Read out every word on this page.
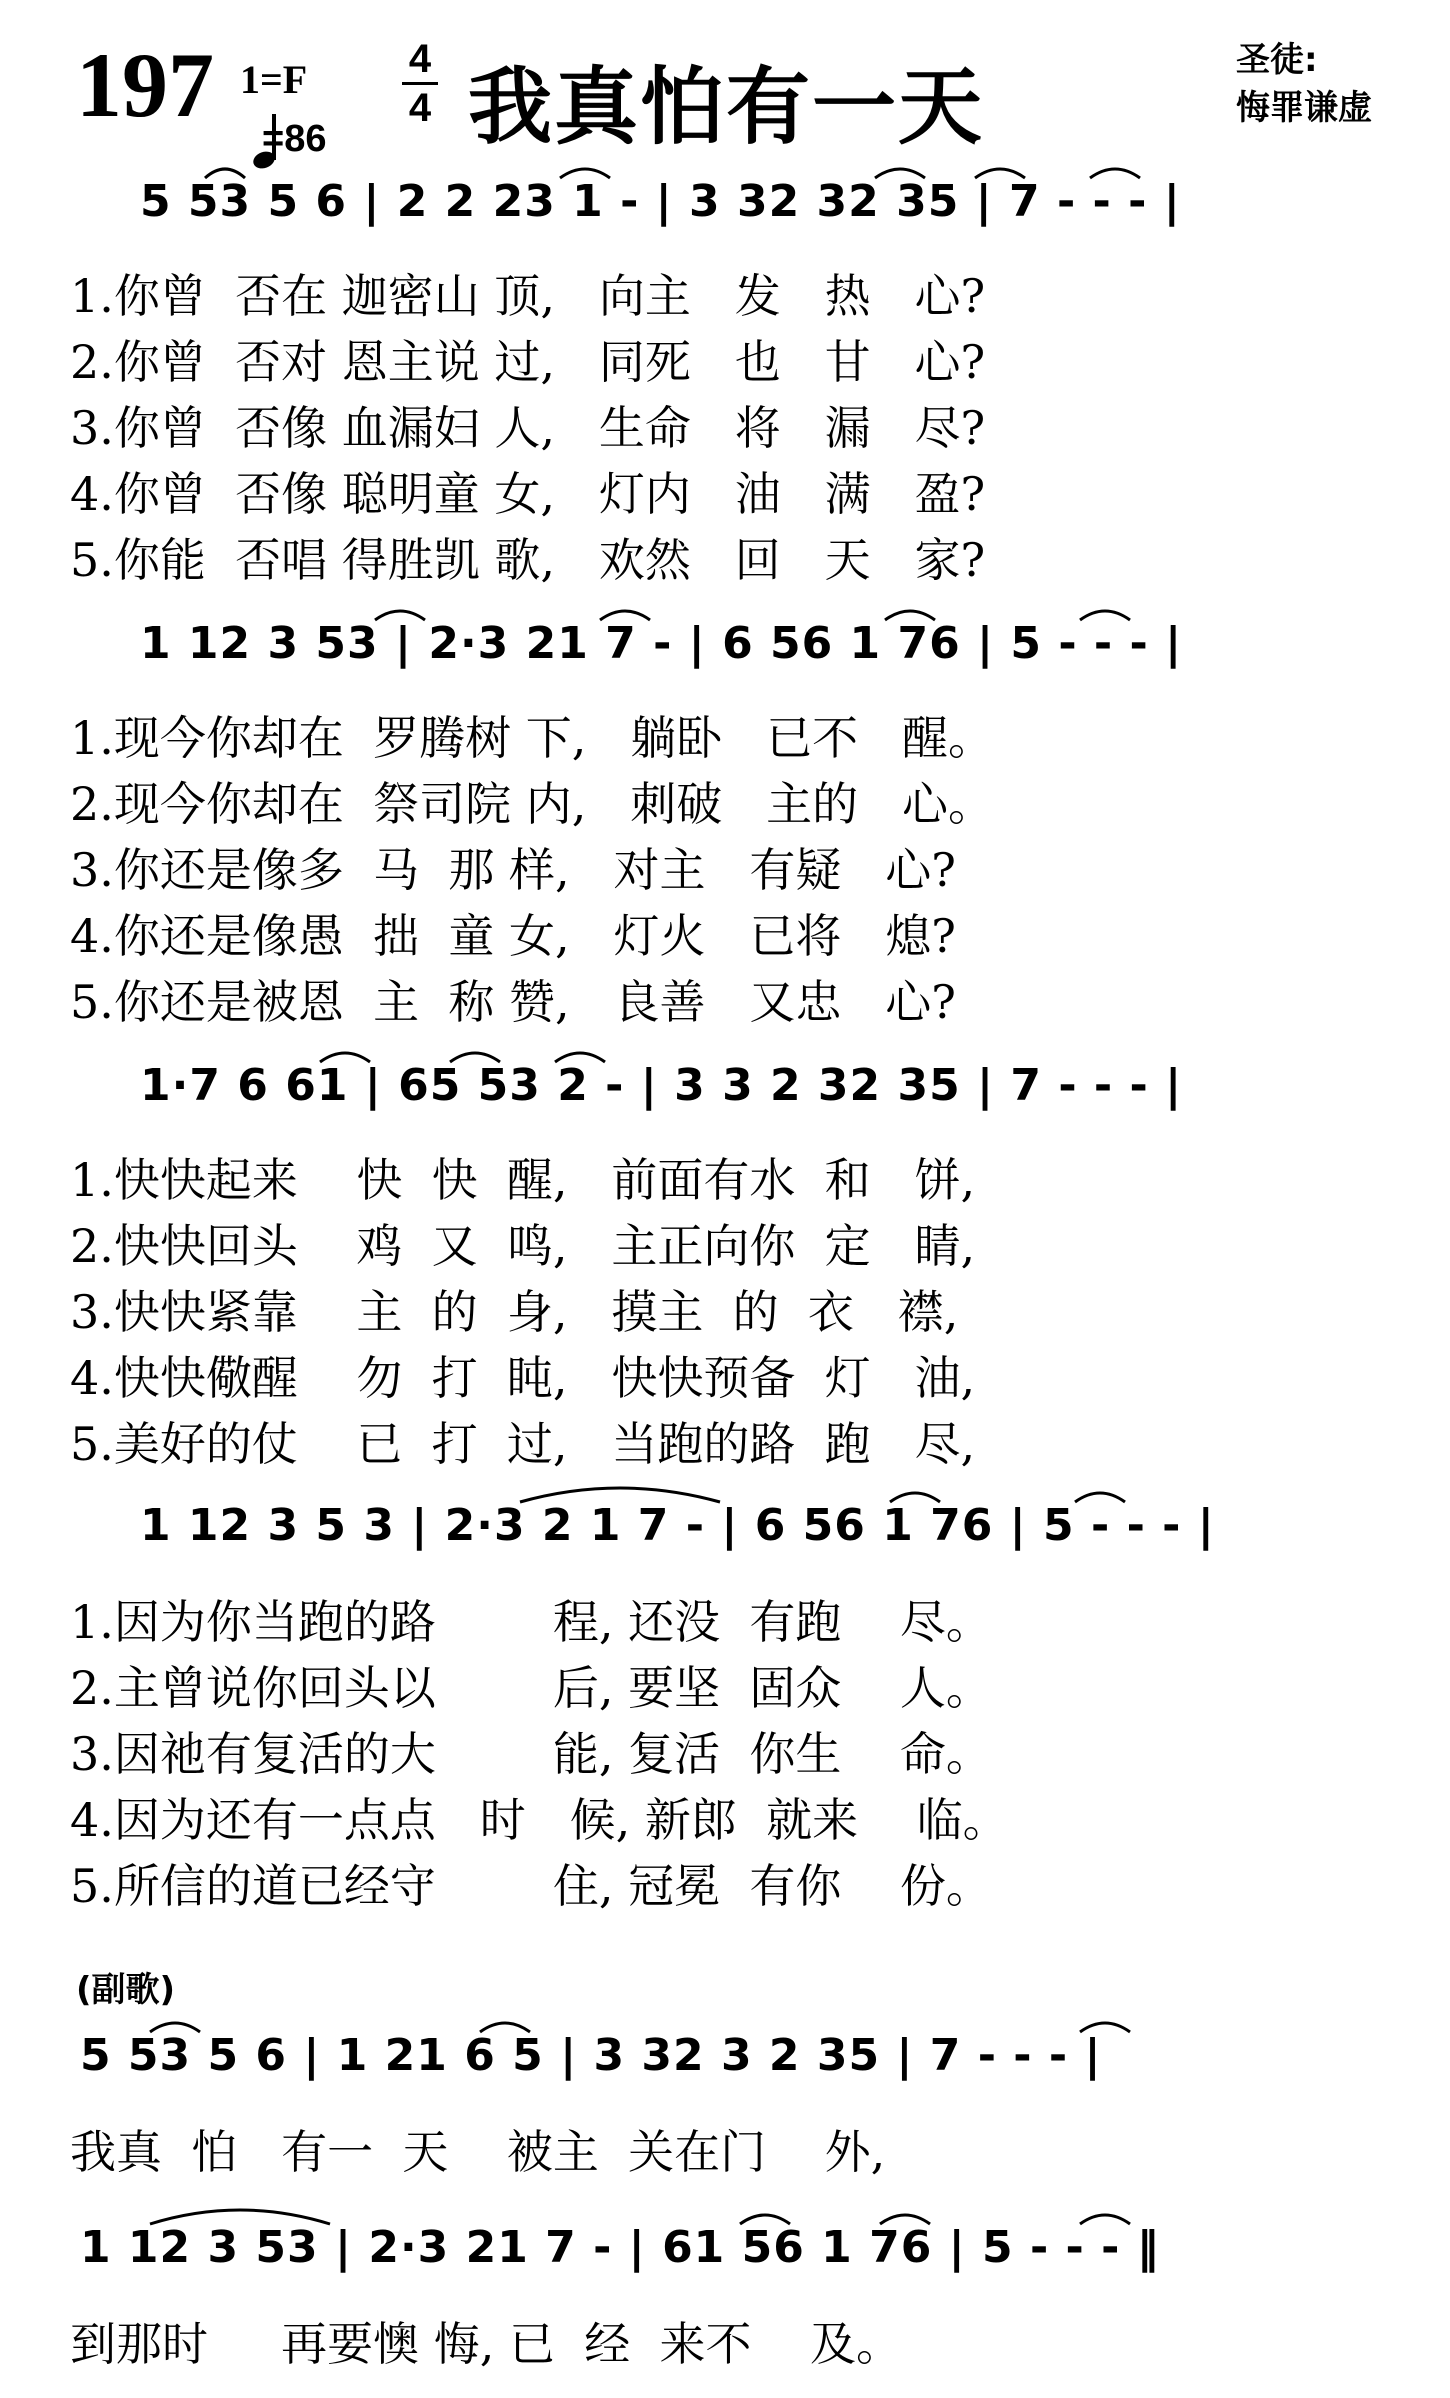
197 1=F
=86
4
4 我真怕有一天	圣徒:
悔罪谦虚
5 53 5 6 | 2 2 23 1 - | 3 32 32 35 | 7 - - - |
1.你曾  否在 迦密山 顶,   向主   发   热   心?
2.你曾  否对 恩主说 过,   同死   也   甘   心?
3.你曾  否像 血漏妇 人,   生命   将   漏   尽?
4.你曾  否像 聪明童 女,   灯内   油   满   盈?
5.你能  否唱 得胜凯 歌,   欢然   回   天   家?
1 12 3 53 | 2·3 21 7 - | 6 56 1 76 | 5 - - - |
1.现今你却在  罗腾树 下,   躺卧   已不   醒。
2.现今你却在  祭司院 内,   刺破   主的   心。
3.你还是像多  马  那 样,   对主   有疑   心?
4.你还是像愚  拙  童 女,   灯火   已将   熄?
5.你还是被恩  主  称 赞,   良善   又忠   心?
1·7 6 61 | 65 53 2 - | 3 3 2 32 35 | 7 - - - |
1.快快起来    快  快  醒,   前面有水  和   饼,
2.快快回头    鸡  又  鸣,   主正向你  定   睛,
3.快快紧靠    主  的  身,   摸主  的  衣   襟,
4.快快儆醒    勿  打  盹,   快快预备  灯   油,
5.美好的仗    已  打  过,   当跑的路  跑   尽,
1 12 3 5 3 | 2·3 2 1 7 - | 6 56 1 76 | 5 - - - |
1.因为你当跑的路        程, 还没  有跑    尽。
2.主曾说你回头以        后, 要坚  固众    人。
3.因祂有复活的大        能, 复活  你生    命。
4.因为还有一点点   时   候, 新郎  就来    临。
5.所信的道已经守        住, 冠冕  有你    份。
(副歌)
5 53 5 6 | 1 21 6 5 | 3 32 3 2 35 | 7 - - - |
我真  怕   有一  天    被主  关在门    外,
1 12 3 53 | 2·3 21 7 - | 61 56 1 76 | 5 - - - ‖
到那时     再要懊 悔, 已  经  来不    及。
